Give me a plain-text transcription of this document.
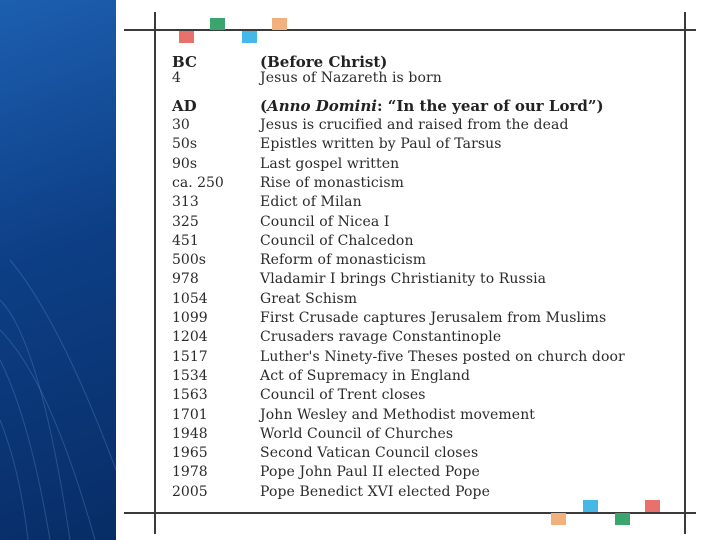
BC	(Before Christ)
4	Jesus of Nazareth is born
AD	(Anno Domini: “In the year of our Lord”)
30	Jesus is crucified and raised from the dead
50s	Epistles written by Paul of Tarsus
90s	Last gospel written
ca. 250	Rise of monasticism
313	Edict of Milan
325	Council of Nicea I
451	Council of Chalcedon
500s	Reform of monasticism
978	Vladamir I brings Christianity to Russia
1054	Great Schism
1099	First Crusade captures Jerusalem from Muslims
1204	Crusaders ravage Constantinople
1517	Luther's Ninety-five Theses posted on church door
1534	Act of Supremacy in England
1563	Council of Trent closes
1701	John Wesley and Methodist movement
1948	World Council of Churches
1965	Second Vatican Council closes
1978	Pope John Paul II elected Pope
2005	Pope Benedict XVI elected Pope
